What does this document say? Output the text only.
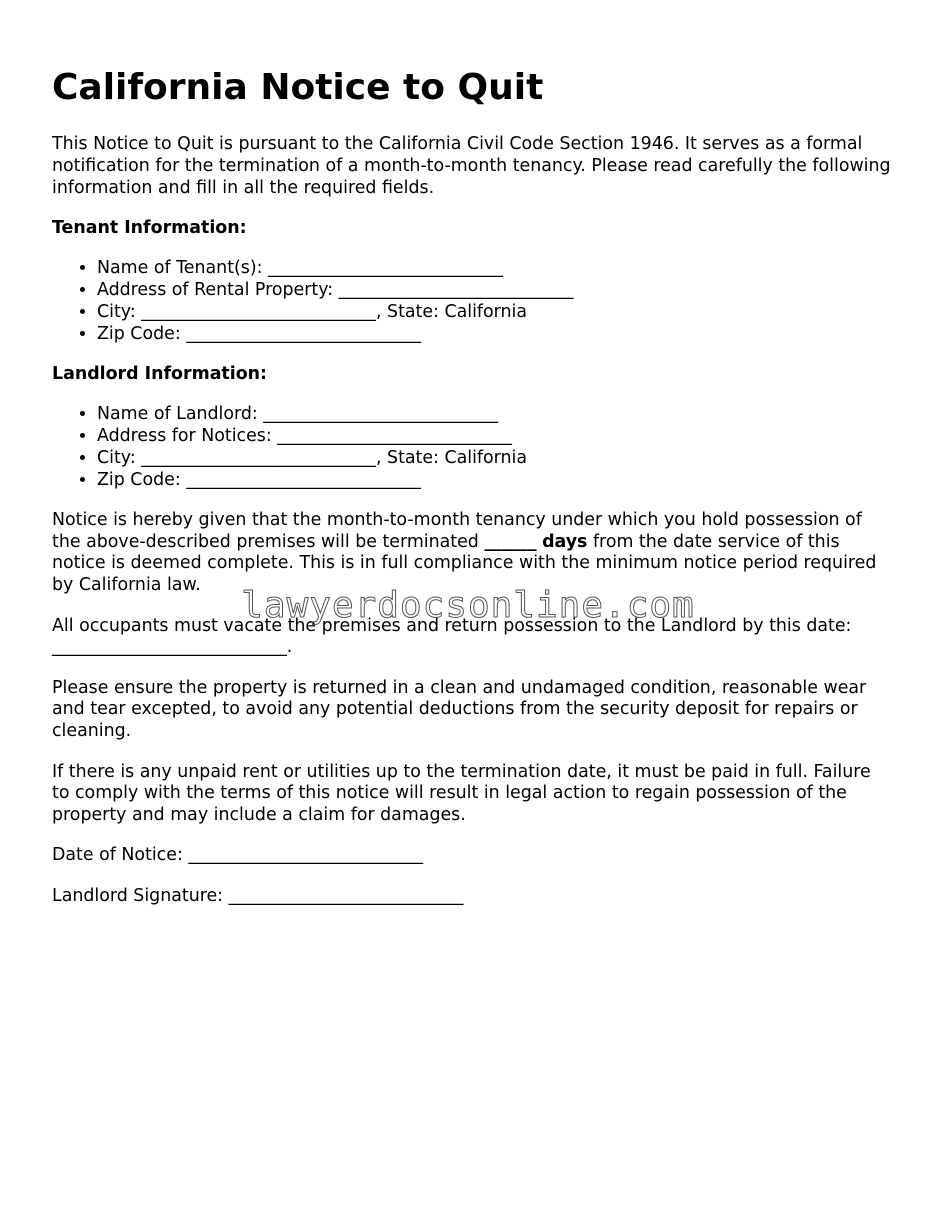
California Notice to Quit

This Notice to Quit is pursuant to the California Civil Code Section 1946. It serves as a formal notification for the termination of a month-to-month tenancy. Please read carefully the following information and fill in all the required fields.

Tenant Information:
• Name of Tenant(s): ___________________________
• Address of Rental Property: ___________________________
• City: ___________________________, State: California
• Zip Code: ___________________________
Landlord Information:
• Name of Landlord: ___________________________
• Address for Notices: ___________________________
• City: ___________________________, State: California
• Zip Code: ___________________________

Notice is hereby given that the month-to-month tenancy under which you hold possession of the above-described premises will be terminated ______ days from the date service of this notice is deemed complete. This is in full compliance with the minimum notice period required by California law.

All occupants must vacate the premises and return possession to the Landlord by this date: ___________________________.

Please ensure the property is returned in a clean and undamaged condition, reasonable wear and tear excepted, to avoid any potential deductions from the security deposit for repairs or cleaning.

If there is any unpaid rent or utilities up to the termination date, it must be paid in full. Failure to comply with the terms of this notice will result in legal action to regain possession of the property and may include a claim for damages.

Date of Notice: ___________________________

Landlord Signature: ___________________________

lawyerdocsonline.com
